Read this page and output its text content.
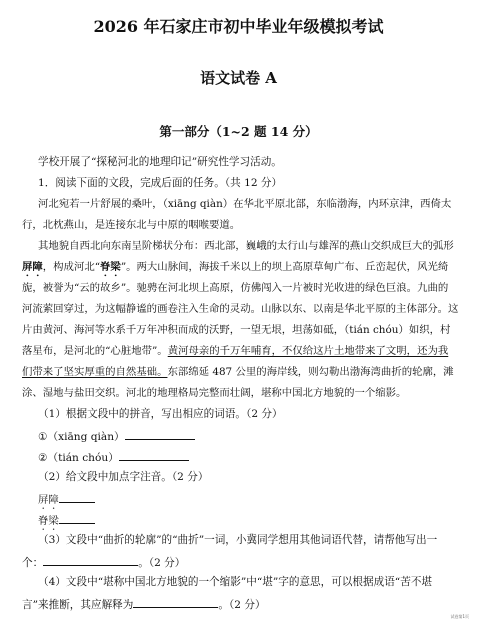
2026 年石家庄市初中毕业年级模拟考试
语文试卷 A
第一部分（1~2 题 14 分）
学校开展了“探秘河北的地理印记”研究性学习活动。
1．阅读下面的文段，完成后面的任务。（共 12 分）
河北宛若一片舒展的桑叶，（xiāng qiàn）在华北平原北部，东临渤海，内环京津，西倚太
行，北枕燕山，是连接东北与中原的咽喉要道。
其地貌自西北向东南呈阶梯状分布：西北部，巍峨的太行山与雄浑的燕山交织成巨大的弧形
屏障，构成河北“脊梁”。两大山脉间，海拔千米以上的坝上高原草甸广布、丘峦起伏，风光绮
旎，被誉为“云的故乡”。驰骋在河北坝上高原，仿佛闯入一片被时光收进的绿色巨浪。九曲的
河流萦回穿过，为这幅静谧的画卷注入生命的灵动。山脉以东、以南是华北平原的主体部分。这
片由黄河、海河等水系千万年冲积而成的沃野，一望无垠，坦荡如砥，（tián chóu）如织，村
落星布，是河北的“心脏地带”。黄河母亲的千万年哺育，不仅给这片土地带来了文明，还为我
们带来了坚实厚重的自然基础。东部绵延 487 公里的海岸线，则勾勒出渤海湾曲折的轮廓，滩
涂、湿地与盐田交织。河北的地理格局完整而壮阔，堪称中国北方地貌的一个缩影。
（1）根据文段中的拼音，写出相应的词语。（2 分）
①（xiāng qiàn）
②（tián chóu）
（2）给文段中加点字注音。（2 分）
屏障
脊梁
（3）文段中“曲折的轮廓”的“曲折”一词，小冀同学想用其他词语代替，请帮他写出一
个：	。（2 分）
（4）文段中“堪称中国北方地貌的一个缩影”中“堪”字的意思，可以根据成语“苦不堪
言”来推断，其应解释为	。（2 分）
试卷第1页
